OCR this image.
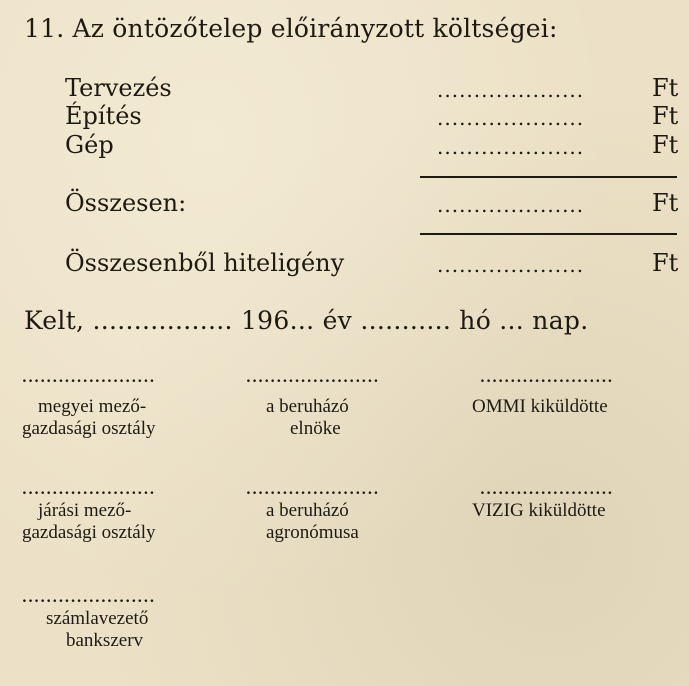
11. Az öntözőtelep előirányzott költségei:
Tervezés	....................	Ft
Építés	....................	Ft
Gép	....................	Ft
Összesen:	....................	Ft
Összesenből hiteligény	....................	Ft
Kelt, ................. 196... év ........... hó ... nap.
......................
megyei mező-
gazdasági osztály
......................
a beruházó
elnöke
......................
OMMI kiküldötte
......................
járási mező-
gazdasági osztály
......................
a beruházó
agronómusa
......................
VIZIG kiküldötte
......................
számlavezető
bankszerv
